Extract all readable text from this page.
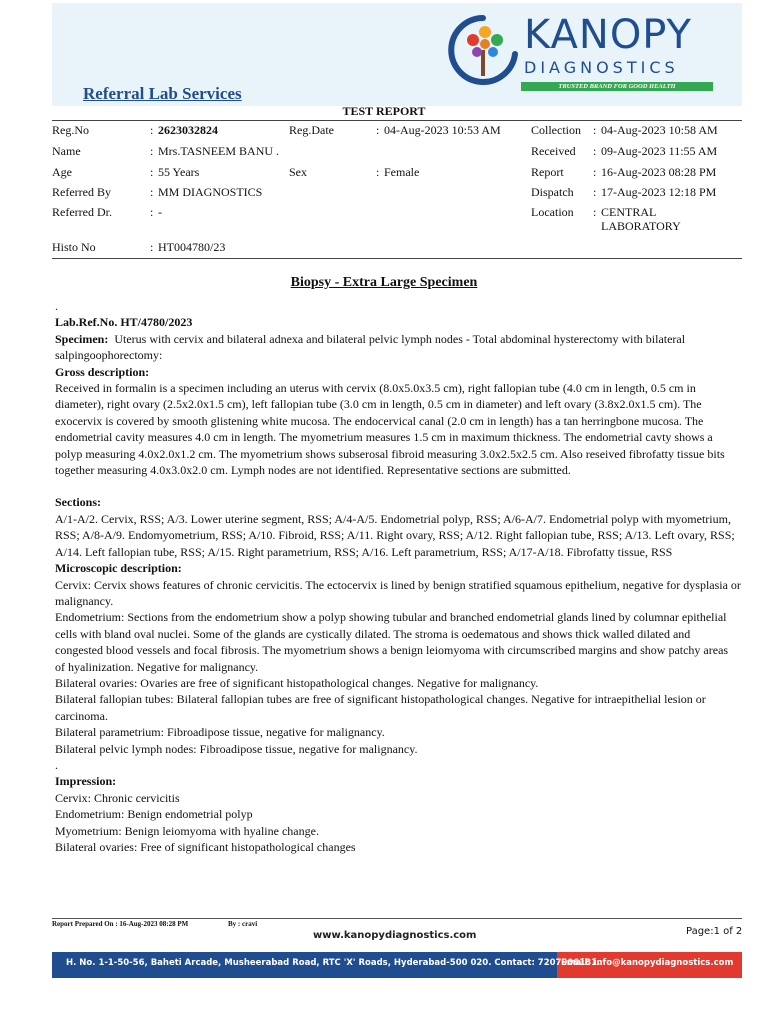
KANOPY
DIAGNOSTICS
TRUSTED BRAND FOR GOOD HEALTH
Referral Lab Services
TEST REPORT
Reg.No	: 2623032824	Reg.Date	: 04-Aug-2023 10:53 AM	Collection : 04-Aug-2023 10:58 AM
Name	: Mrs.TASNEEM BANU .	Received : 09-Aug-2023 11:55 AM
Age	: 55 Years	Sex	: Female	Report : 16-Aug-2023 08:28 PM
Referred By	: MM DIAGNOSTICS	Dispatch : 17-Aug-2023 12:18 PM
Referred Dr.	: -	Location : CENTRAL
LABORATORY
Histo No	: HT004780/23
Biopsy - Extra Large Specimen

.

Lab.Ref.No. HT/4780/2023

Specimen: Uterus with cervix and bilateral adnexa and bilateral pelvic lymph nodes - Total abdominal hysterectomy with bilateral salpingoophorectomy:

Gross description:

Received in formalin is a specimen including an uterus with cervix (8.0x5.0x3.5 cm), right fallopian tube (4.0 cm in length, 0.5 cm in diameter), right ovary (2.5x2.0x1.5 cm), left fallopian tube (3.0 cm in length, 0.5 cm in diameter) and left ovary (3.8x2.0x1.5 cm). The exocervix is covered by smooth glistening white mucosa. The endocervical canal (2.0 cm in length) has a tan herringbone mucosa. The endometrial cavity measures 4.0 cm in length. The myometrium measures 1.5 cm in maximum thickness. The endometrial cavty shows a polyp measuring 4.0x2.0x1.2 cm. The myometrium shows subserosal fibroid measuring 3.0x2.5x2.5 cm. Also reseived fibrofatty tissue bits together measuring 4.0x3.0x2.0 cm. Lymph nodes are not identified. Representative sections are submitted.

Sections:

A/1-A/2. Cervix, RSS; A/3. Lower uterine segment, RSS; A/4-A/5. Endometrial polyp, RSS; A/6-A/7. Endometrial polyp with myometrium, RSS; A/8-A/9. Endomyometrium, RSS; A/10. Fibroid, RSS; A/11. Right ovary, RSS; A/12. Right fallopian tube, RSS; A/13. Left ovary, RSS; A/14. Left fallopian tube, RSS; A/15. Right parametrium, RSS; A/16. Left parametrium, RSS; A/17-A/18. Fibrofatty tissue, RSS

Microscopic description:

Cervix: Cervix shows features of chronic cervicitis. The ectocervix is lined by benign stratified squamous epithelium, negative for dysplasia or malignancy.

Endometrium: Sections from the endometrium show a polyp showing tubular and branched endometrial glands lined by columnar epithelial cells with bland oval nuclei. Some of the glands are cystically dilated. The stroma is oedematous and shows thick walled dilated and congested blood vessels and focal fibrosis. The myometrium shows a benign leiomyoma with circumscribed margins and show patchy areas of hyalinization. Negative for malignancy.

Bilateral ovaries: Ovaries are free of significant histopathological changes. Negative for malignancy.

Bilateral fallopian tubes: Bilateral fallopian tubes are free of significant histopathological changes. Negative for intraepithelial lesion or carcinoma.

Bilateral parametrium: Fibroadipose tissue, negative for malignancy.

Bilateral pelvic lymph nodes: Fibroadipose tissue, negative for malignancy.

.

Impression:

Cervix: Chronic cervicitis

Endometrium: Benign endometrial polyp

Myometrium: Benign leiomyoma with hyaline change.

Bilateral ovaries: Free of significant histopathological changes

Report Prepared On : 16-Aug-2023 08:28 PM	By : cravi
www.kanopydiagnostics.com	Page:1 of 2
H. No. 1-1-50-56, Baheti Arcade, Musheerabad Road, RTC 'X' Roads, Hyderabad-500 020. Contact: 7207906181.
Email: info@kanopydiagnostics.com
